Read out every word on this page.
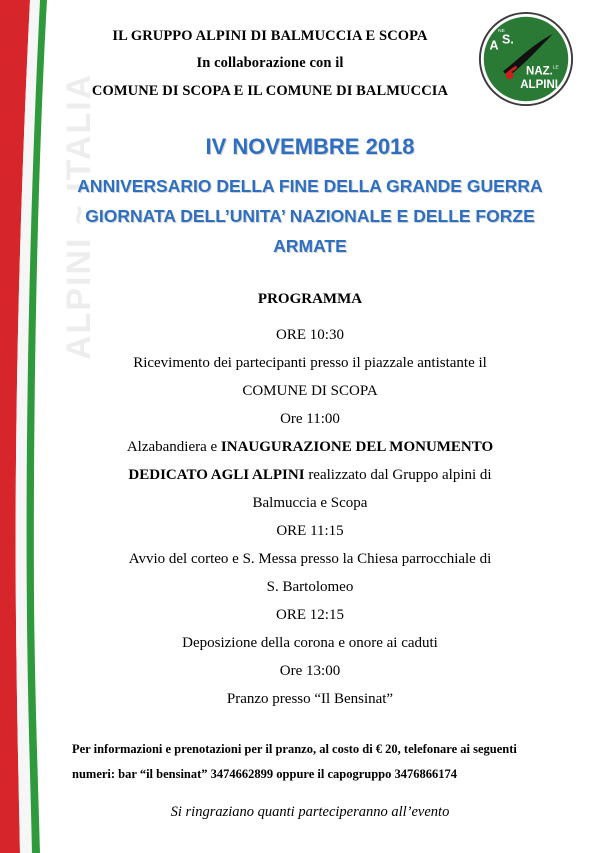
ALPINI ~ ITALIA
IL GRUPPO ALPINI DI BALMUCCIA E SCOPA
In collaborazione con il
COMUNE DI SCOPA E IL COMUNE DI BALMUCCIA
A S.
NAZ.
ALPINI
NE
LE
IV NOVEMBRE 2018
ANNIVERSARIO DELLA FINE DELLA GRANDE GUERRA
GIORNATA DELL’UNITA’ NAZIONALE E DELLE FORZE
ARMATE
PROGRAMMA
ORE 10:30
Ricevimento dei partecipanti presso il piazzale antistante il
COMUNE DI SCOPA
Ore 11:00
Alzabandiera e INAUGURAZIONE DEL MONUMENTO
DEDICATO AGLI ALPINI realizzato dal Gruppo alpini di
Balmuccia e Scopa
ORE 11:15
Avvio del corteo e S. Messa presso la Chiesa parrocchiale di
S. Bartolomeo
ORE 12:15
Deposizione della corona e onore ai caduti
Ore 13:00
Pranzo presso “Il Bensinat”
Per informazioni e prenotazioni per il pranzo, al costo di € 20, telefonare ai seguenti
numeri: bar “il bensinat” 3474662899 oppure il capogruppo 3476866174
Si ringraziano quanti parteciperanno all’evento
